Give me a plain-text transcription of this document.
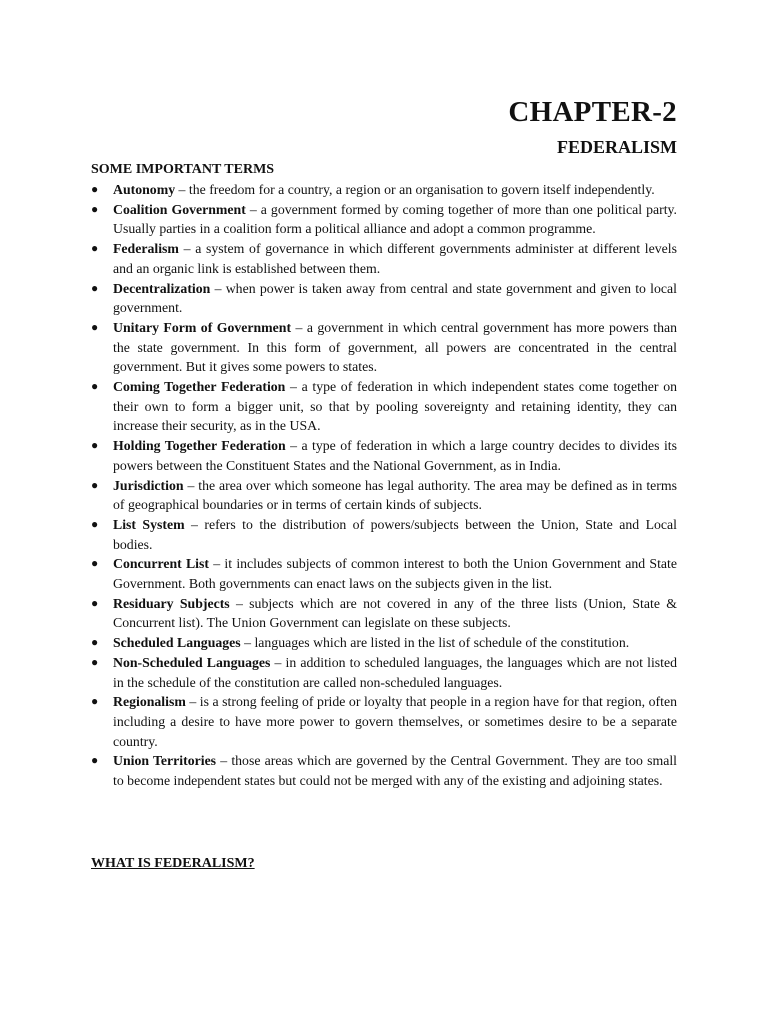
CHAPTER-2
FEDERALISM
SOME IMPORTANT TERMS
● Autonomy – the freedom for a country, a region or an organisation to govern itself independently.
● Coalition Government – a government formed by coming together of more than one political party. Usually parties in a coalition form a political alliance and adopt a common programme.
● Federalism – a system of governance in which different governments administer at different levels and an organic link is established between them.
● Decentralization – when power is taken away from central and state government and given to local government.
● Unitary Form of Government – a government in which central government has more powers than the state government. In this form of government, all powers are concentrated in the central government. But it gives some powers to states.
● Coming Together Federation – a type of federation in which independent states come together on their own to form a bigger unit, so that by pooling sovereignty and retaining identity, they can increase their security, as in the USA.
● Holding Together Federation – a type of federation in which a large country decides to divides its powers between the Constituent States and the National Government, as in India.
● Jurisdiction – the area over which someone has legal authority. The area may be defined as in terms of geographical boundaries or in terms of certain kinds of subjects.
● List System – refers to the distribution of powers/subjects between the Union, State and Local bodies.
● Concurrent List – it includes subjects of common interest to both the Union Government and State Government. Both governments can enact laws on the subjects given in the list.
● Residuary Subjects – subjects which are not covered in any of the three lists (Union, State & Concurrent list). The Union Government can legislate on these subjects.
● Scheduled Languages – languages which are listed in the list of schedule of the constitution.
● Non-Scheduled Languages – in addition to scheduled languages, the languages which are not listed in the schedule of the constitution are called non-scheduled languages.
● Regionalism – is a strong feeling of pride or loyalty that people in a region have for that region, often including a desire to have more power to govern themselves, or sometimes desire to be a separate country.
● Union Territories – those areas which are governed by the Central Government. They are too small to become independent states but could not be merged with any of the existing and adjoining states.
WHAT IS FEDERALISM?
